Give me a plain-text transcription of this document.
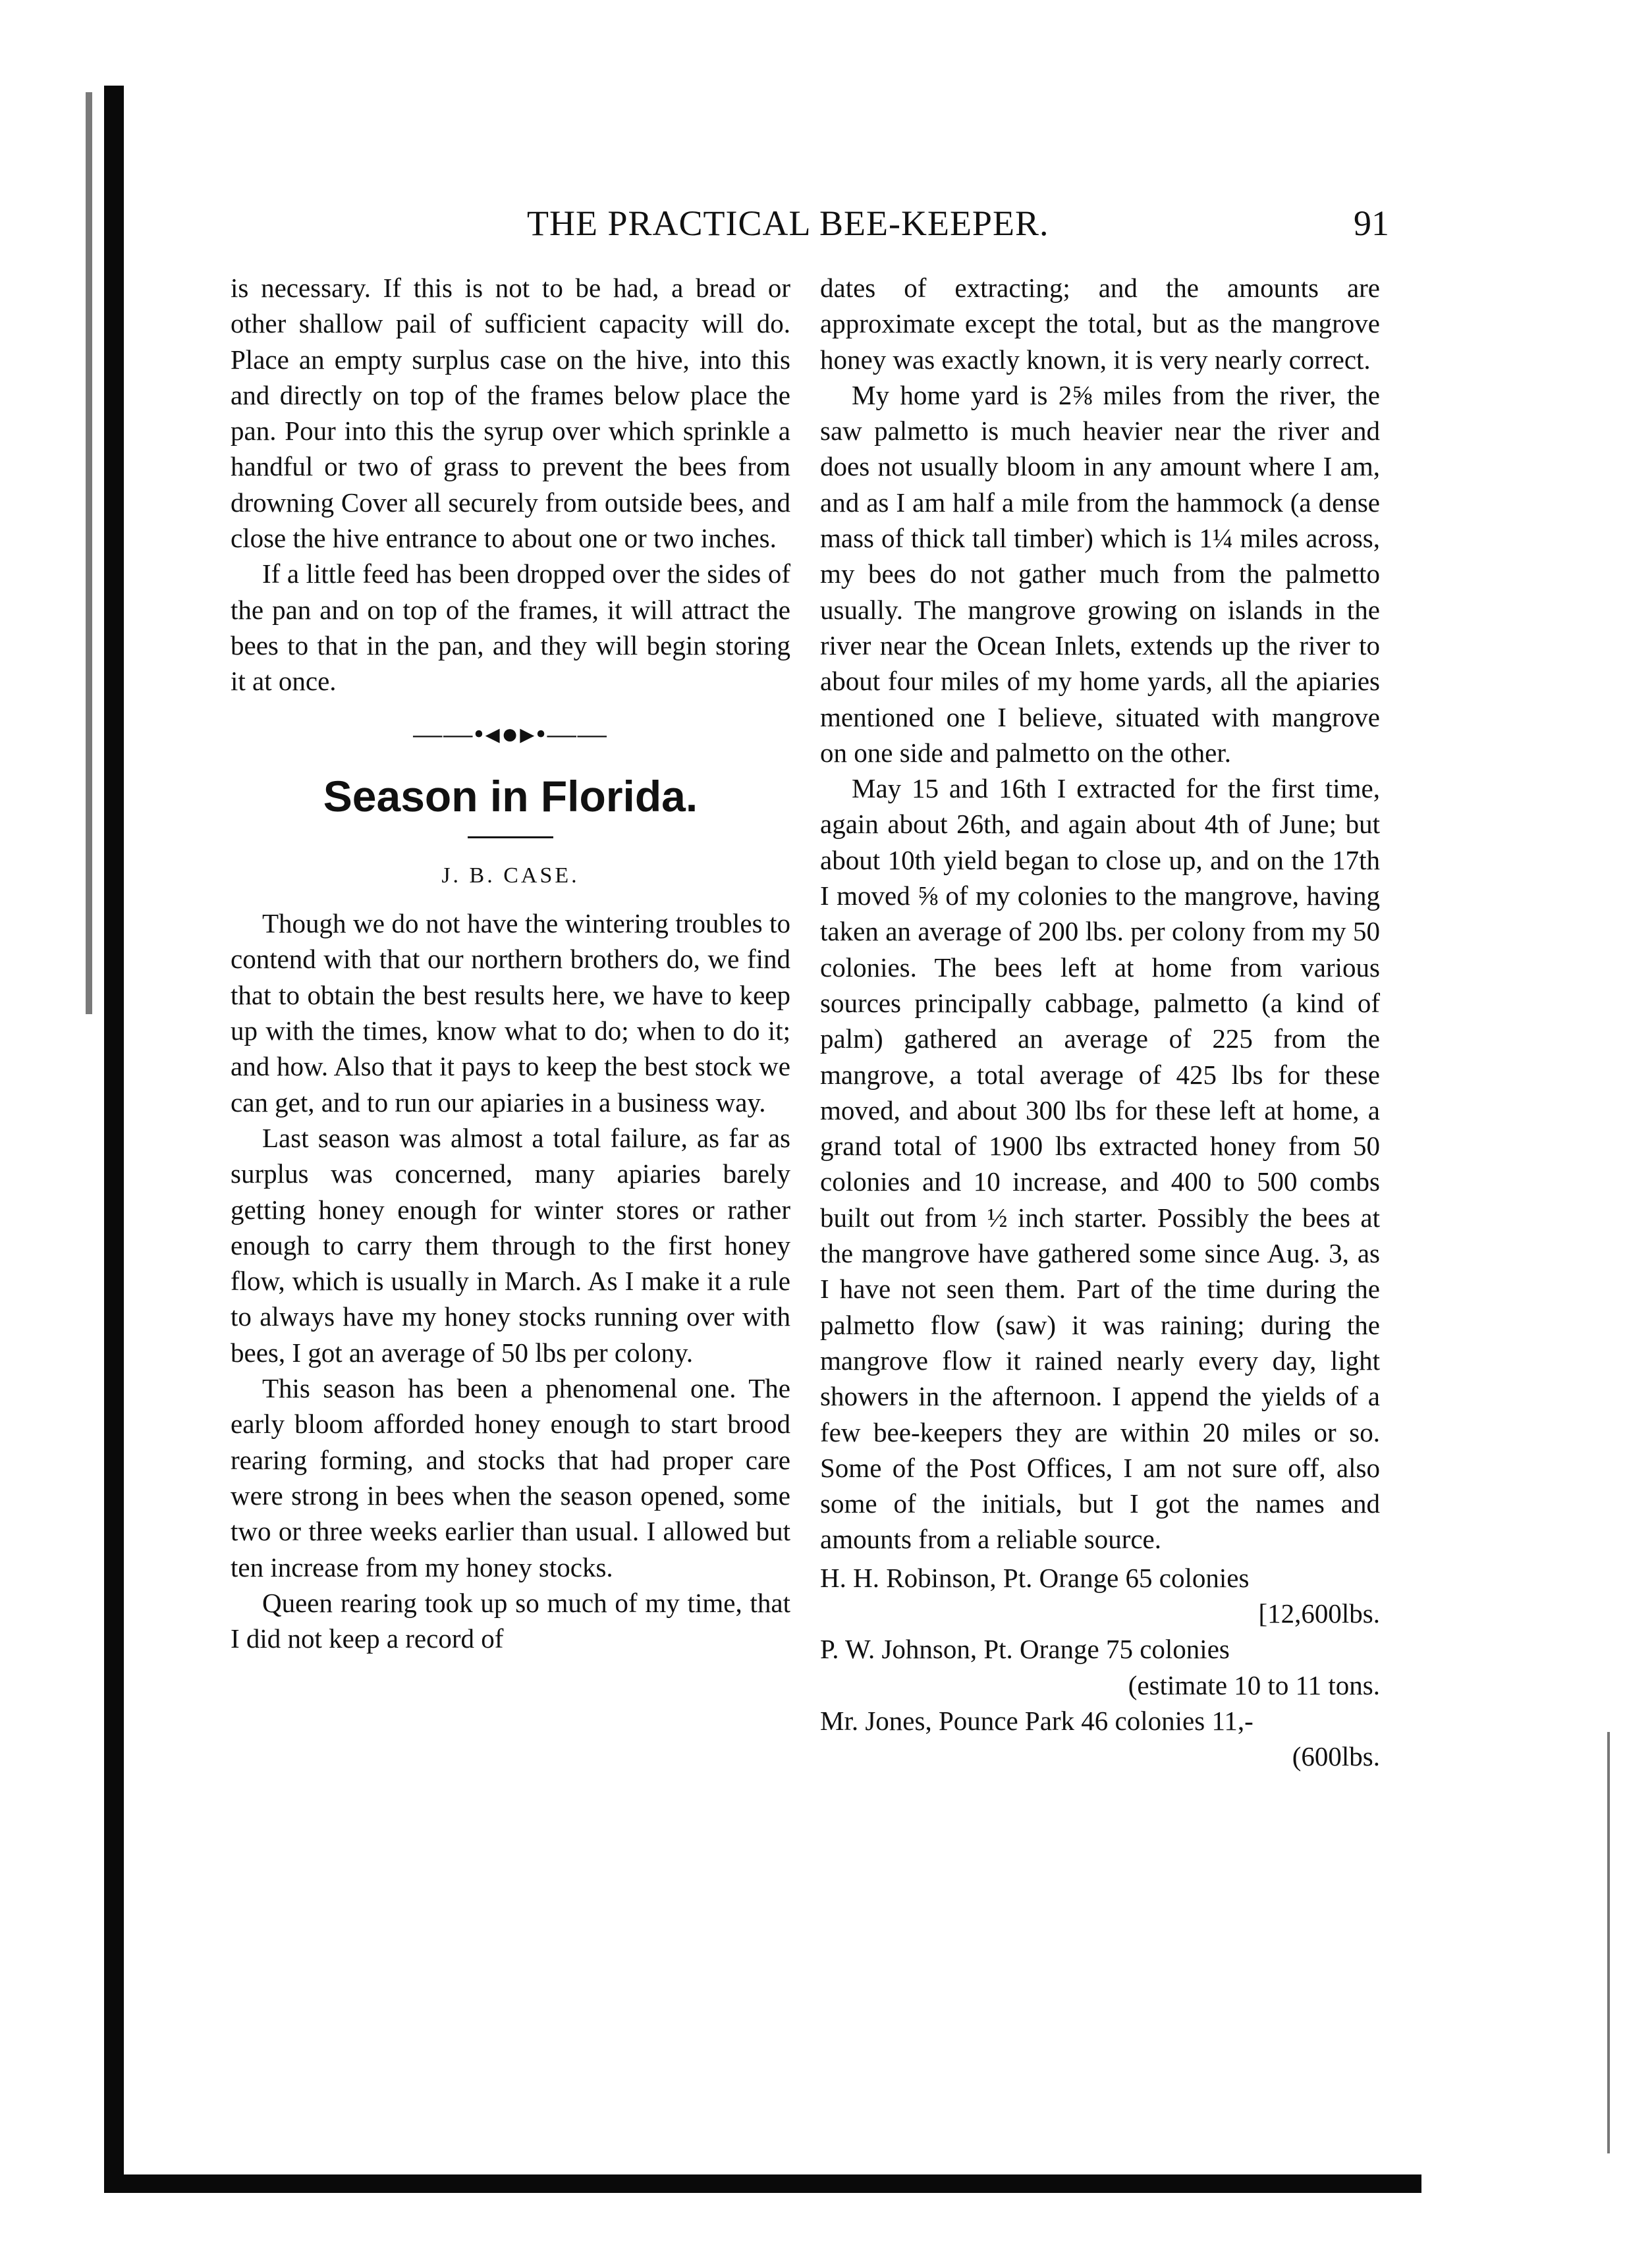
THE PRACTICAL BEE-KEEPER.	91

is necessary. If this is not to be had, a bread or other shallow pail of sufficient capacity will do. Place an empty surplus case on the hive, into this and directly on top of the frames below place the pan. Pour into this the syrup over which sprinkle a handful or two of grass to prevent the bees from drowning Cover all securely from outside bees, and close the hive entrance to about one or two inches.

If a little feed has been dropped over the sides of the pan and on top of the frames, it will attract the bees to that in the pan, and they will begin storing it at once.

——•◂●▸•——
Season in Florida.
J. B. CASE.

Though we do not have the wintering troubles to contend with that our northern brothers do, we find that to obtain the best results here, we have to keep up with the times, know what to do; when to do it; and how. Also that it pays to keep the best stock we can get, and to run our apiaries in a business way.

Last season was almost a total failure, as far as surplus was concerned, many apiaries barely getting honey enough for winter stores or rather enough to carry them through to the first honey flow, which is usually in March. As I make it a rule to always have my honey stocks running over with bees, I got an average of 50 lbs per colony.

This season has been a phenomenal one. The early bloom afforded honey enough to start brood rearing forming, and stocks that had proper care were strong in bees when the season opened, some two or three weeks earlier than usual. I allowed but ten increase from my honey stocks.

Queen rearing took up so much of my time, that I did not keep a record of

dates of extracting; and the amounts are approximate except the total, but as the mangrove honey was exactly known, it is very nearly correct.

My home yard is 2⅝ miles from the river, the saw palmetto is much heavier near the river and does not usually bloom in any amount where I am, and as I am half a mile from the hammock (a dense mass of thick tall timber) which is 1¼ miles across, my bees do not gather much from the palmetto usually. The mangrove growing on islands in the river near the Ocean Inlets, extends up the river to about four miles of my home yards, all the apiaries mentioned one I believe, situated with mangrove on one side and palmetto on the other.

May 15 and 16th I extracted for the first time, again about 26th, and again about 4th of June; but about 10th yield began to close up, and on the 17th I moved ⅝ of my colonies to the mangrove, having taken an average of 200 lbs. per colony from my 50 colonies. The bees left at home from various sources principally cabbage, palmetto (a kind of palm) gathered an average of 225 from the mangrove, a total average of 425 lbs for these moved, and about 300 lbs for these left at home, a grand total of 1900 lbs extracted honey from 50 colonies and 10 increase, and 400 to 500 combs built out from ½ inch starter. Possibly the bees at the mangrove have gathered some since Aug. 3, as I have not seen them. Part of the time during the palmetto flow (saw) it was raining; during the mangrove flow it rained nearly every day, light showers in the afternoon. I append the yields of a few bee-keepers they are within 20 miles or so. Some of the Post Offices, I am not sure off, also some of the initials, but I got the names and amounts from a reliable source.

H. H. Robinson, Pt. Orange 65 colonies
[12,600lbs.

P. W. Johnson, Pt. Orange 75 colonies
(estimate 10 to 11 tons.

Mr. Jones, Pounce Park 46 colonies 11,-
(600lbs.
